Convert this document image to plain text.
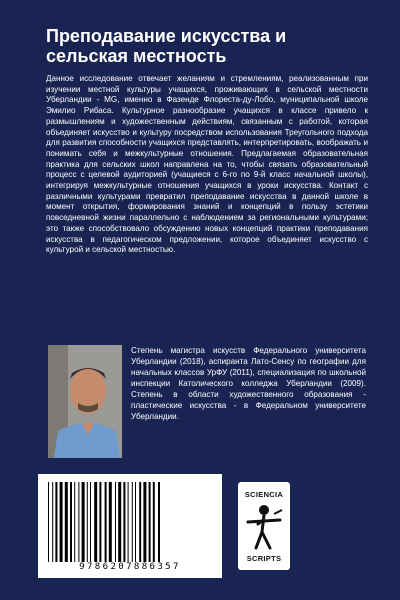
Преподавание искусства и сельская местность

Данное исследование отвечает желаниям и стремлениям, реализованным при изучении местной культуры учащихся, проживающих в сельской местности Уберландии - MG, именно в Фазенде Флореста-ду-Лобо, муниципальной школе Эмилио Рибаса. Культурное разнообразие учащихся в классе привело к размышлениям и художественным действиям, связанным с работой, которая объединяет искусство и культуру посредством использования Треугольного подхода для развития способности учащихся представлять, интерпретировать, воображать и понимать себя и межкультурные отношения. Предлагаемая образовательная практика для сельских школ направлена на то, чтобы связать образовательный процесс с целевой аудиторией (учащиеся с 6-го по 9-й класс начальной школы), интегрируя межкультурные отношения учащихся в уроки искусства. Контакт с различными культурами превратил преподавание искусства в данной школе в момент открытия, формирования знаний и концепций в пользу эстетики повседневной жизни параллельно с наблюдением за региональными культурами; это также способствовало обсуждению новых концепций практики преподавания искусства в педагогическом предложении, которое объединяет искусство с культурой и сельской местностью.

Степень магистра искусств Федерального университета Уберландии (2018), аспиранта Лато-Сенсу по географии для начальных классов УрФУ (2011), специализация по школьной инспекции Католического колледжа Уберландии (2009). Степень в области художественного образования - пластические искусства - в Федеральном университете Уберландии.

9786207886357
SCIENCIA
SCRIPTS
